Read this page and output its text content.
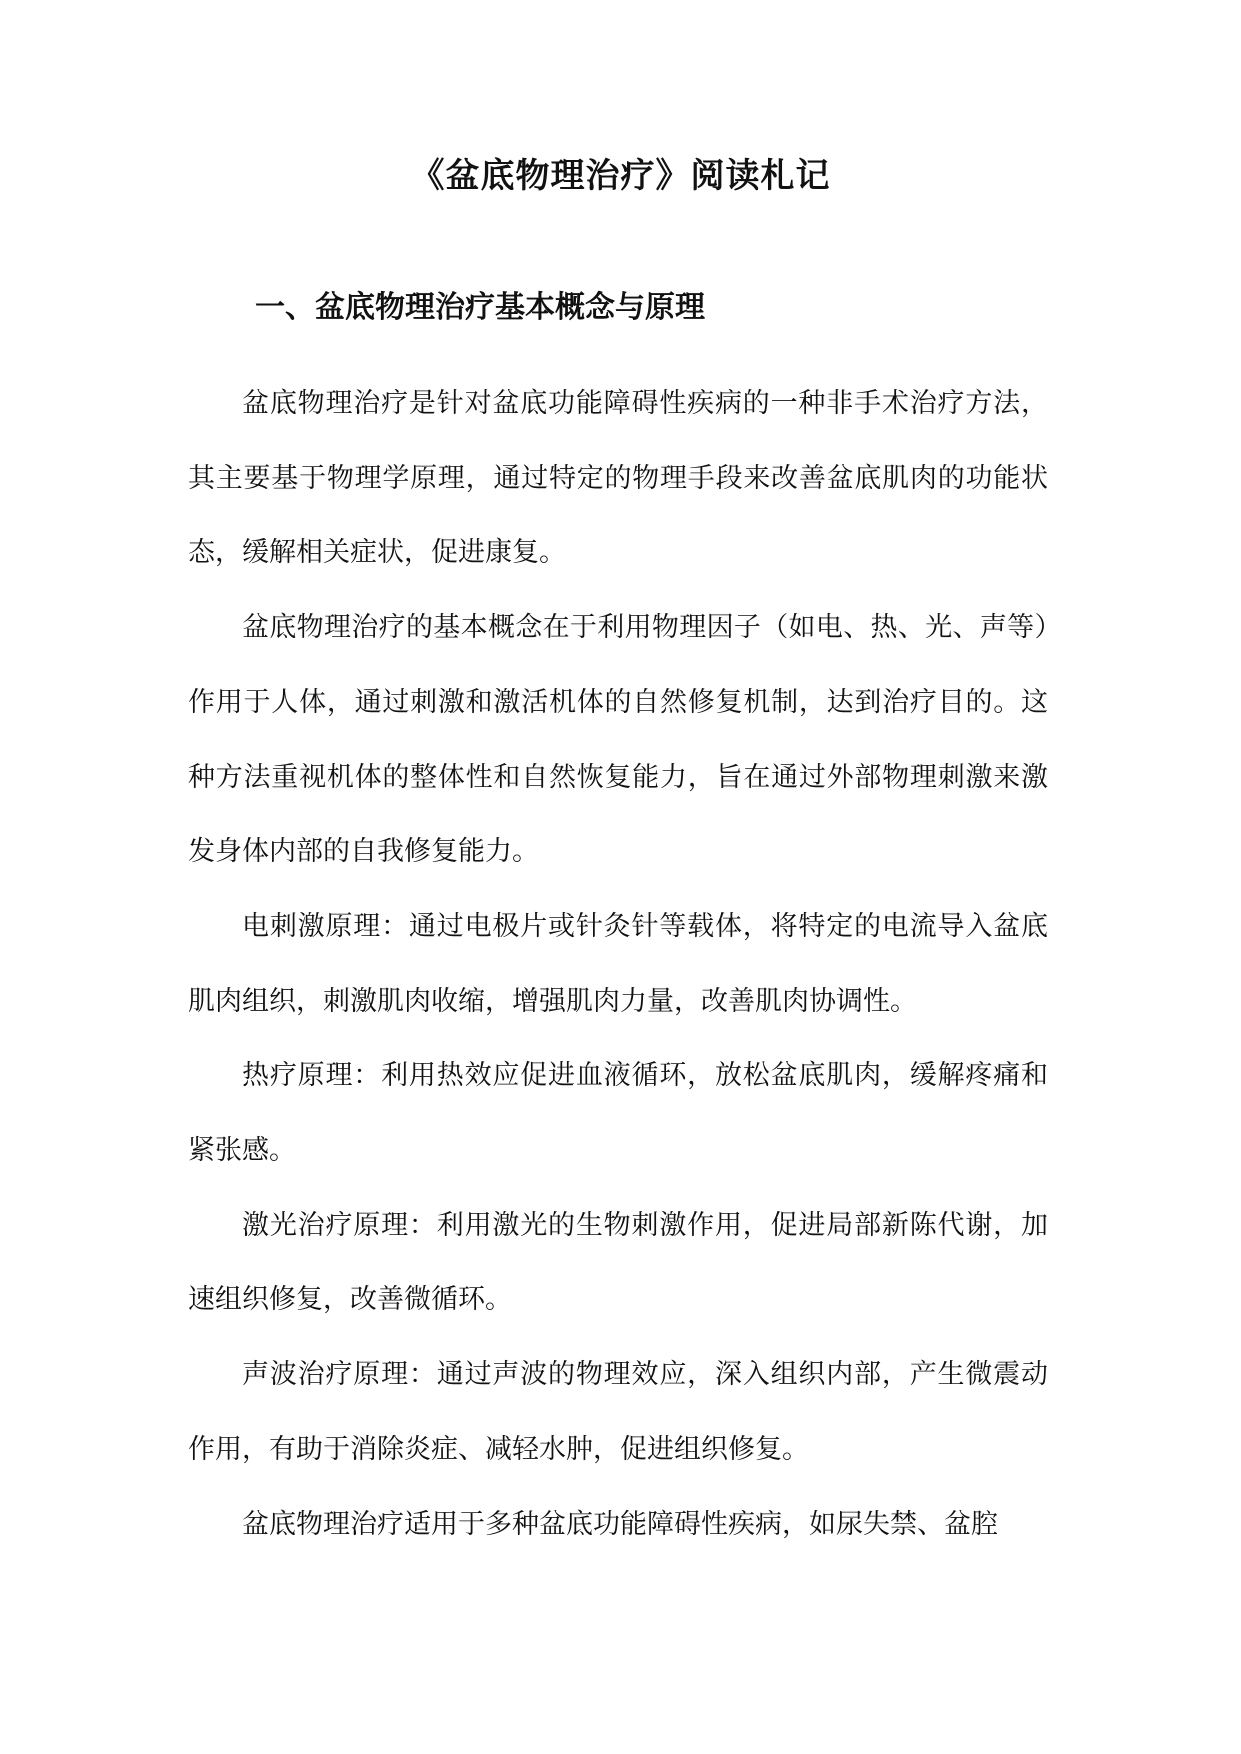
《盆底物理治疗》阅读札记
一、盆底物理治疗基本概念与原理

盆底物理治疗是针对盆底功能障碍性疾病的一种非手术治疗方法，其主要基于物理学原理，通过特定的物理手段来改善盆底肌肉的功能状态，缓解相关症状，促进康复。

盆底物理治疗的基本概念在于利用物理因子（如电、热、光、声等）作用于人体，通过刺激和激活机体的自然修复机制，达到治疗目的。这种方法重视机体的整体性和自然恢复能力，旨在通过外部物理刺激来激发身体内部的自我修复能力。

电刺激原理：通过电极片或针灸针等载体，将特定的电流导入盆底肌肉组织，刺激肌肉收缩，增强肌肉力量，改善肌肉协调性。

热疗原理：利用热效应促进血液循环，放松盆底肌肉，缓解疼痛和紧张感。

激光治疗原理：利用激光的生物刺激作用，促进局部新陈代谢，加速组织修复，改善微循环。

声波治疗原理：通过声波的物理效应，深入组织内部，产生微震动作用，有助于消除炎症、减轻水肿，促进组织修复。

盆底物理治疗适用于多种盆底功能障碍性疾病，如尿失禁、盆腔
